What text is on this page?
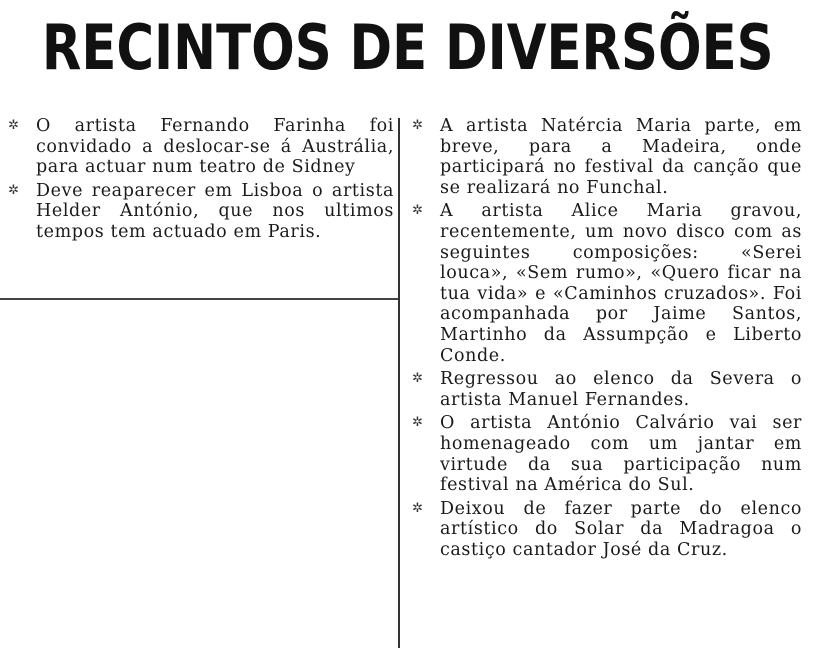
RECINTOS DE DIVERSÕES
✲ O artista Fernando Farinha foi convidado a deslocar-se á Austrália, para actuar num teatro de Sidney
✲ Deve reaparecer em Lisboa o artista Helder António, que nos ultimos tempos tem actuado em Paris.
✲ A artista Natércia Maria parte, em breve, para a Madeira, onde participará no festival da canção que se realizará no Funchal.
✲ A artista Alice Maria gravou, recentemente, um novo disco com as seguintes composições: «Serei louca», «Sem rumo», «Quero ficar na tua vida» e «Caminhos cruzados». Foi acompanhada por Jaime Santos, Martinho da Assumpção e Liberto Conde.
✲ Regressou ao elenco da Severa o artista Manuel Fernandes.
✲ O artista António Calvário vai ser homenageado com um jantar em virtude da sua participação num festival na América do Sul.
✲ Deixou de fazer parte do elenco artístico do Solar da Madragoa o castiço cantador José da Cruz.
